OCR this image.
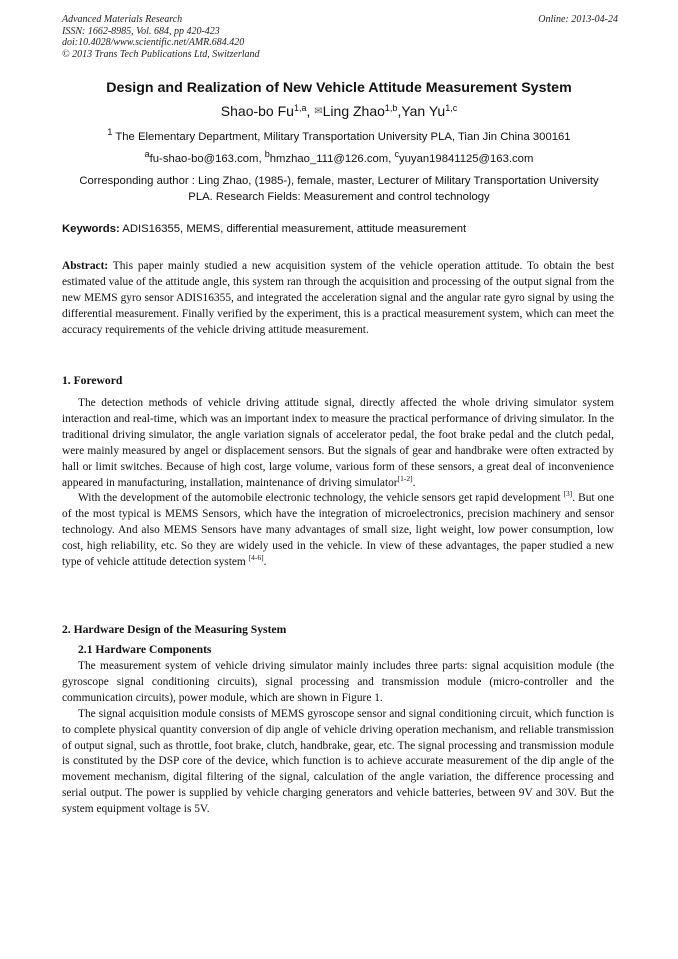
Advanced Materials Research
ISSN: 1662-8985, Vol. 684, pp 420-423
doi:10.4028/www.scientific.net/AMR.684.420
© 2013 Trans Tech Publications Ltd, Switzerland
Online: 2013-04-24
Design and Realization of New Vehicle Attitude Measurement System
Shao-bo Fu$^{1,a}$, ✉Ling Zhao$^{1,b}$,Yan Yu$^{1,c}$
$^1$ The Elementary Department, Military Transportation University PLA, Tian Jin China 300161
$^a$fu-shao-bo@163.com, $^b$hmzhao_111@126.com, $^c$yuyan19841125@163.com
Corresponding author : Ling Zhao, (1985-), female, master, Lecturer of Military Transportation University PLA. Research Fields: Measurement and control technology
Keywords: ADIS16355, MEMS, differential measurement, attitude measurement

Abstract: This paper mainly studied a new acquisition system of the vehicle operation attitude. To obtain the best estimated value of the attitude angle, this system ran through the acquisition and processing of the output signal from the new MEMS gyro sensor ADIS16355, and integrated the acceleration signal and the angular rate gyro signal by using the differential measurement. Finally verified by the experiment, this is a practical measurement system, which can meet the accuracy requirements of the vehicle driving attitude measurement.

1. Foreword

The detection methods of vehicle driving attitude signal, directly affected the whole driving simulator system interaction and real-time, which was an important index to measure the practical performance of driving simulator. In the traditional driving simulator, the angle variation signals of accelerator pedal, the foot brake pedal and the clutch pedal, were mainly measured by angel or displacement sensors. But the signals of gear and handbrake were often extracted by hall or limit switches. Because of high cost, large volume, various form of these sensors, a great deal of inconvenience appeared in manufacturing, installation, maintenance of driving simulator[1-2].

With the development of the automobile electronic technology, the vehicle sensors get rapid development [3]. But one of the most typical is MEMS Sensors, which have the integration of microelectronics, precision machinery and sensor technology. And also MEMS Sensors have many advantages of small size, light weight, low power consumption, low cost, high reliability, etc. So they are widely used in the vehicle. In view of these advantages, the paper studied a new type of vehicle attitude detection system [4-6].

2. Hardware Design of the Measuring System
2.1 Hardware Components

The measurement system of vehicle driving simulator mainly includes three parts: signal acquisition module (the gyroscope signal conditioning circuits), signal processing and transmission module (micro-controller and the communication circuits), power module, which are shown in Figure 1.

The signal acquisition module consists of MEMS gyroscope sensor and signal conditioning circuit, which function is to complete physical quantity conversion of dip angle of vehicle driving operation mechanism, and reliable transmission of output signal, such as throttle, foot brake, clutch, handbrake, gear, etc. The signal processing and transmission module is constituted by the DSP core of the device, which function is to achieve accurate measurement of the dip angle of the movement mechanism, digital filtering of the signal, calculation of the angle variation, the difference processing and serial output. The power is supplied by vehicle charging generators and vehicle batteries, between 9V and 30V. But the system equipment voltage is 5V.
